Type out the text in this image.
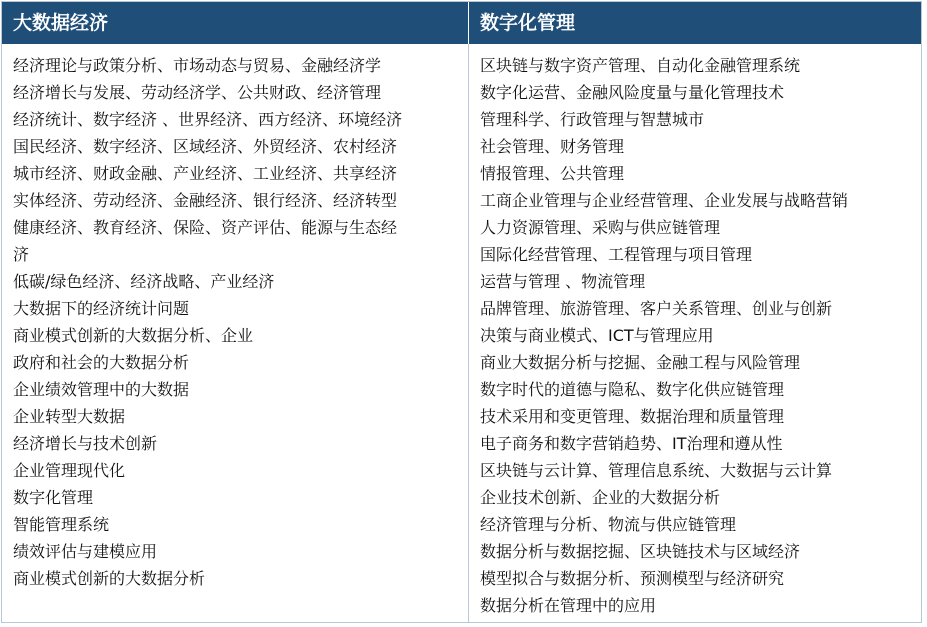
大数据经济	数字化管理
经济理论与政策分析、市场动态与贸易、金融经济学
经济增长与发展、劳动经济学、公共财政、经济管理
经济统计、数字经济 、世界经济、西方经济、环境经济
国民经济、数字经济、区域经济、外贸经济、农村经济
城市经济、财政金融、产业经济、工业经济、共享经济
实体经济、劳动经济、金融经济、银行经济、经济转型
健康经济、教育经济、保险、资产评估、能源与生态经
济
低碳/绿色经济、经济战略、产业经济
大数据下的经济统计问题
商业模式创新的大数据分析、企业
政府和社会的大数据分析
企业绩效管理中的大数据
企业转型大数据
经济增长与技术创新
企业管理现代化
数字化管理
智能管理系统
绩效评估与建模应用
商业模式创新的大数据分析
区块链与数字资产管理、自动化金融管理系统
数字化运营、金融风险度量与量化管理技术
管理科学、行政管理与智慧城市
社会管理、财务管理
情报管理、公共管理
工商企业管理与企业经营管理、企业发展与战略营销
人力资源管理、采购与供应链管理
国际化经营管理、工程管理与项目管理
运营与管理 、物流管理
品牌管理、旅游管理、客户关系管理、创业与创新
决策与商业模式、ICT与管理应用
商业大数据分析与挖掘、金融工程与风险管理
数字时代的道德与隐私、数字化供应链管理
技术采用和变更管理、数据治理和质量管理
电子商务和数字营销趋势、IT治理和遵从性
区块链与云计算、管理信息系统、大数据与云计算
企业技术创新、企业的大数据分析
经济管理与分析、物流与供应链管理
数据分析与数据挖掘、区块链技术与区域经济
模型拟合与数据分析、预测模型与经济研究
数据分析在管理中的应用
